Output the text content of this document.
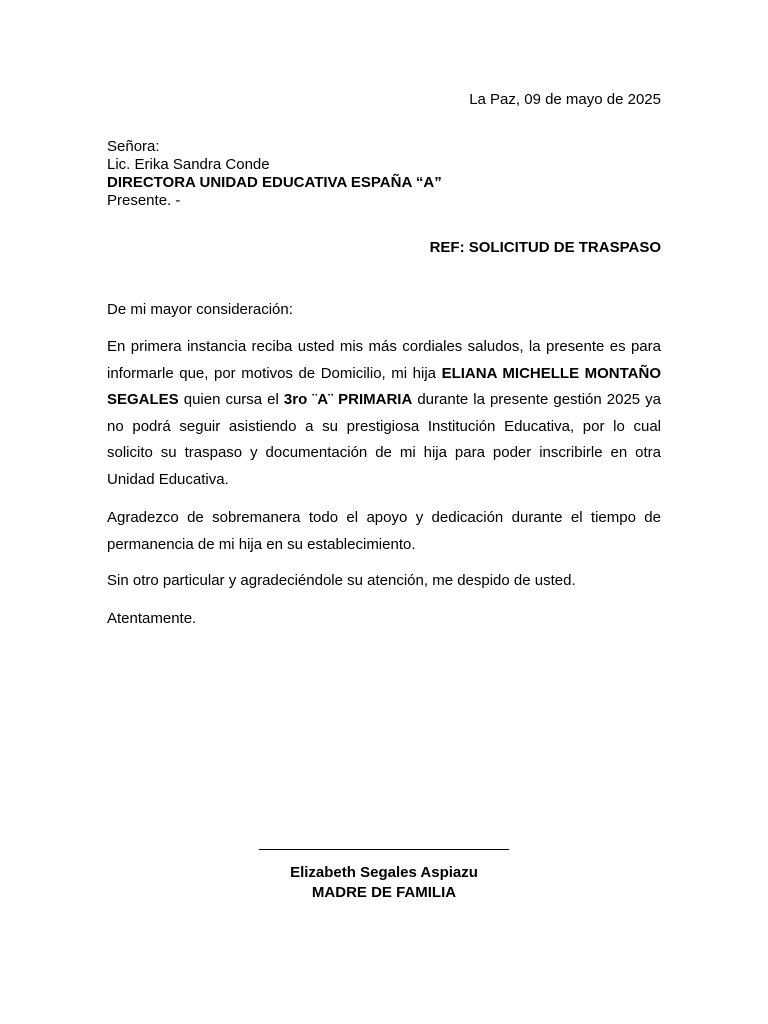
La Paz, 09 de mayo de 2025
Señora:
Lic. Erika Sandra Conde
DIRECTORA UNIDAD EDUCATIVA ESPAÑA “A”
Presente. -
REF: SOLICITUD DE TRASPASO
De mi mayor consideración:

En primera instancia reciba usted mis más cordiales saludos, la presente es para informarle que, por motivos de Domicilio, mi hija ELIANA MICHELLE MONTAÑO SEGALES quien cursa el 3ro ¨A¨ PRIMARIA durante la presente gestión 2025 ya no podrá seguir asistiendo a su prestigiosa Institución Educativa, por lo cual solicito su traspaso y documentación de mi hija para poder inscribirle en otra Unidad Educativa.

Agradezco de sobremanera todo el apoyo y dedicación durante el tiempo de permanencia de mi hija en su establecimiento.

Sin otro particular y agradeciéndole su atención, me despido de usted.

Atentamente.
Elizabeth Segales Aspiazu
MADRE DE FAMILIA
